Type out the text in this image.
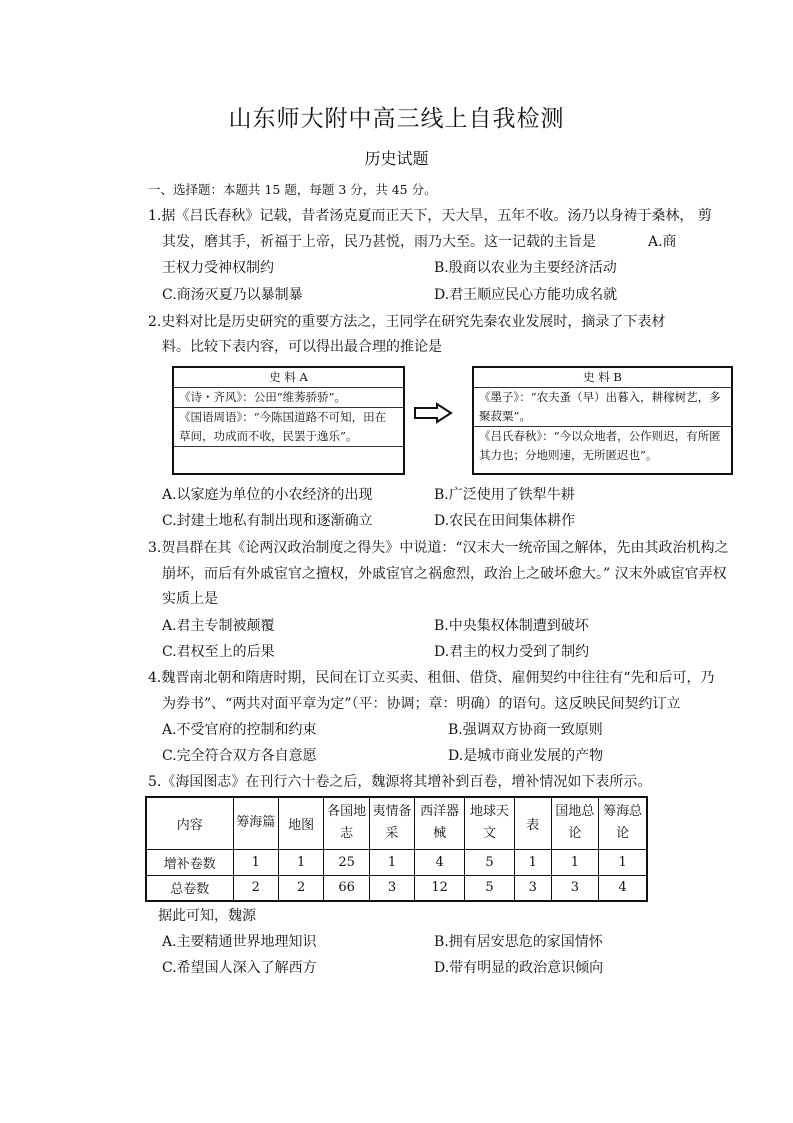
山东师大附中高三线上自我检测
历史试题
一、选择题：本题共 15 题，每题 3 分，共 45 分。
1.据《吕氏春秋》记载，昔者汤克夏而正天下，天大旱，五年不收。汤乃以身祷于桑林， 剪
其发，磨其手，祈福于上帝，民乃甚悦，雨乃大至。这一记载的主旨是	A.商
王权力受神权制约	B.殷商以农业为主要经济活动
C.商汤灭夏乃以暴制暴	D.君王顺应民心方能功成名就
2.史料对比是历史研究的重要方法之，王同学在研究先秦农业发展时，摘录了下表材
料。比较下表内容，可以得出最合理的推论是
史 料 A
《诗・齐风》：公田“维莠骄骄”。
《国语周语》：“今陈国道路不可知，田在
草间，功成而不收，民罢于逸乐”。
史 料 B
《墨子》：“农夫蚤（早）出暮入，耕稼树艺，多
聚菽粟”。
《吕氏春秋》：“今以众地者，公作则迟，有所匿
其力也；分地则速，无所匿迟也”。
A.以家庭为单位的小农经济的出现	B.广泛使用了铁犁牛耕
C.封建土地私有制出现和逐渐确立	D.农民在田间集体耕作
3.贺昌群在其《论两汉政治制度之得失》中说道：“汉末大一统帝国之解体，先由其政治机构之
崩坏，而后有外戚宦官之擅权，外戚宦官之祸愈烈，政治上之破坏愈大。” 汉末外戚宦官弄权
实质上是
A.君主专制被颠覆	B.中央集权体制遭到破坏
C.君权至上的后果	D.君主的权力受到了制约
4.魏晋南北朝和隋唐时期，民间在订立买卖、租佃、借贷、雇佣契约中往往有“先和后可，乃
为券书”、“两共对面平章为定”（平：协调；章：明确）的语句。这反映民间契约订立
A.不受官府的控制和约束	B.强调双方协商一致原则
C.完全符合双方各自意愿	D.是城市商业发展的产物
5.《海国图志》在刊行六十卷之后，魏源将其增补到百卷，增补情况如下表所示。
内容	筹海篇	地图	各国地志	夷情备采	西洋器械	地球天文	表	国地总论	筹海总论
增补卷数	1	1	25	1	4	5	1	1	1
总卷数	2	2	66	3	12	5	3	3	4
据此可知，魏源
A.主要精通世界地理知识	B.拥有居安思危的家国情怀
C.希望国人深入了解西方	D.带有明显的政治意识倾向
